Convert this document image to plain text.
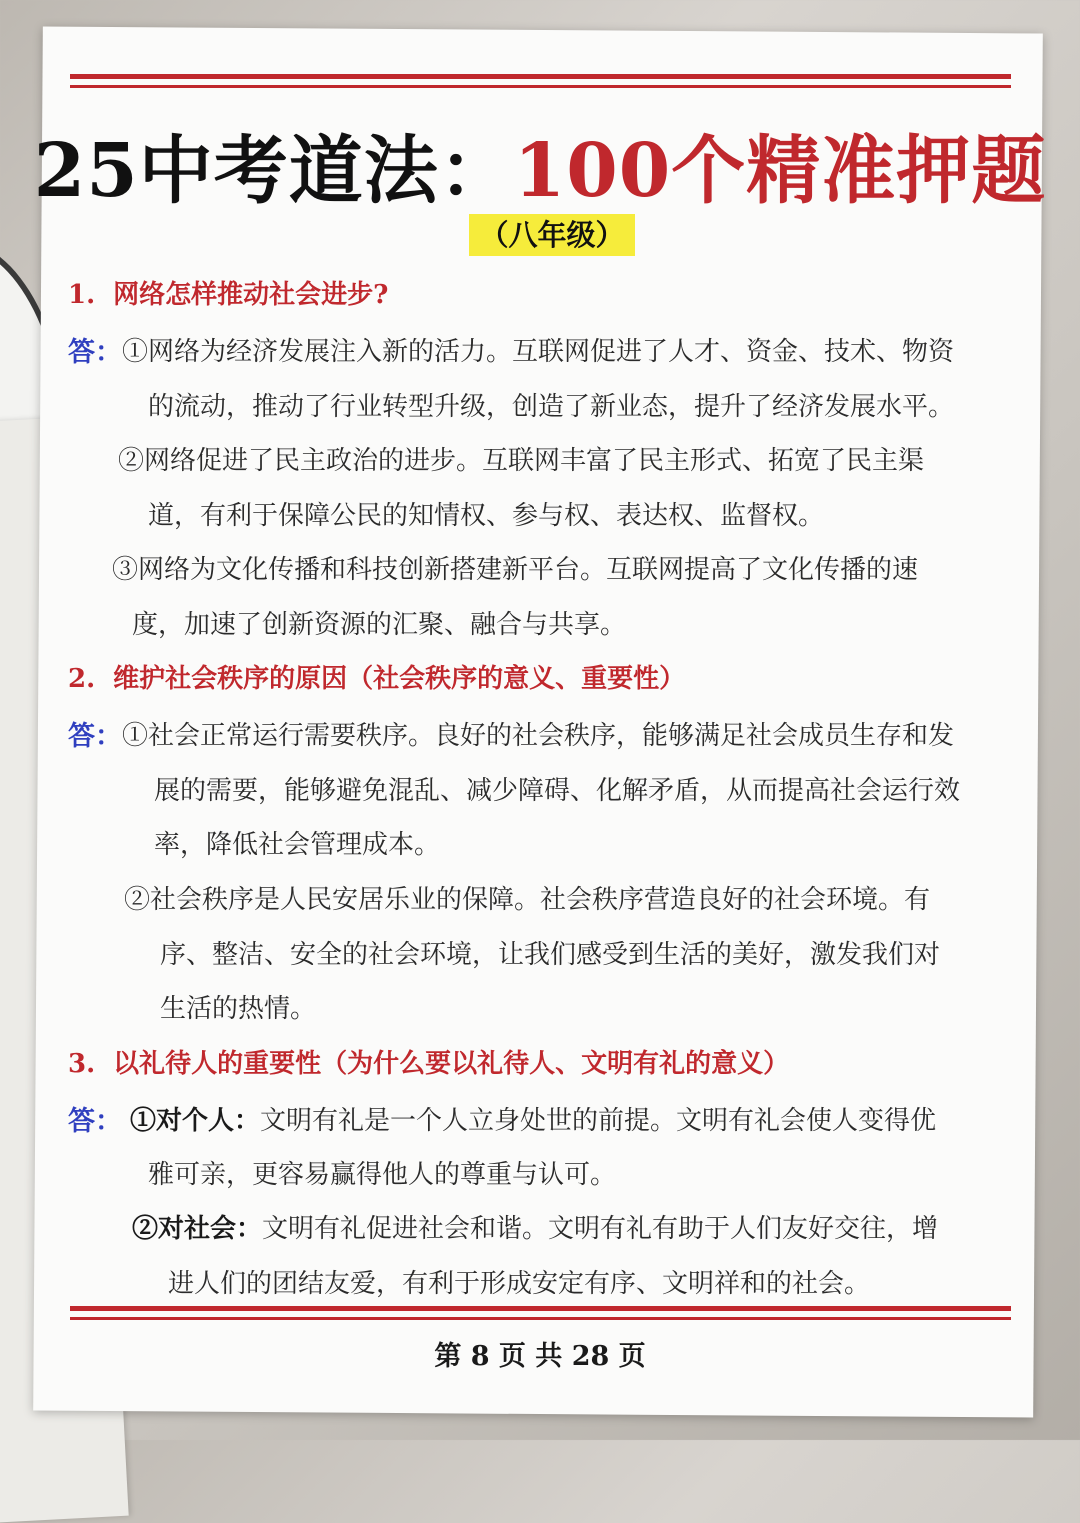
25中考道法：100个精准押题
（八年级）
1. 网络怎样推动社会进步?
答： ①网络为经济发展注入新的活力。互联网促进了人才、资金、技术、物资
的流动，推动了行业转型升级，创造了新业态，提升了经济发展水平。
②网络促进了民主政治的进步。互联网丰富了民主形式、拓宽了民主渠
道，有利于保障公民的知情权、参与权、表达权、监督权。
③网络为文化传播和科技创新搭建新平台。互联网提高了文化传播的速
度，加速了创新资源的汇聚、融合与共享。
2. 维护社会秩序的原因（社会秩序的意义、重要性）
答： ①社会正常运行需要秩序。良好的社会秩序，能够满足社会成员生存和发
展的需要，能够避免混乱、减少障碍、化解矛盾，从而提高社会运行效
率，降低社会管理成本。
②社会秩序是人民安居乐业的保障。社会秩序营造良好的社会环境。有
序、整洁、安全的社会环境，让我们感受到生活的美好，激发我们对
生活的热情。
3. 以礼待人的重要性（为什么要以礼待人、文明有礼的意义）
答： ①对个人：文明有礼是一个人立身处世的前提。文明有礼会使人变得优
雅可亲，更容易赢得他人的尊重与认可。
②对社会：文明有礼促进社会和谐。文明有礼有助于人们友好交往，增
进人们的团结友爱，有利于形成安定有序、文明祥和的社会。
第 8 页 共 28 页
